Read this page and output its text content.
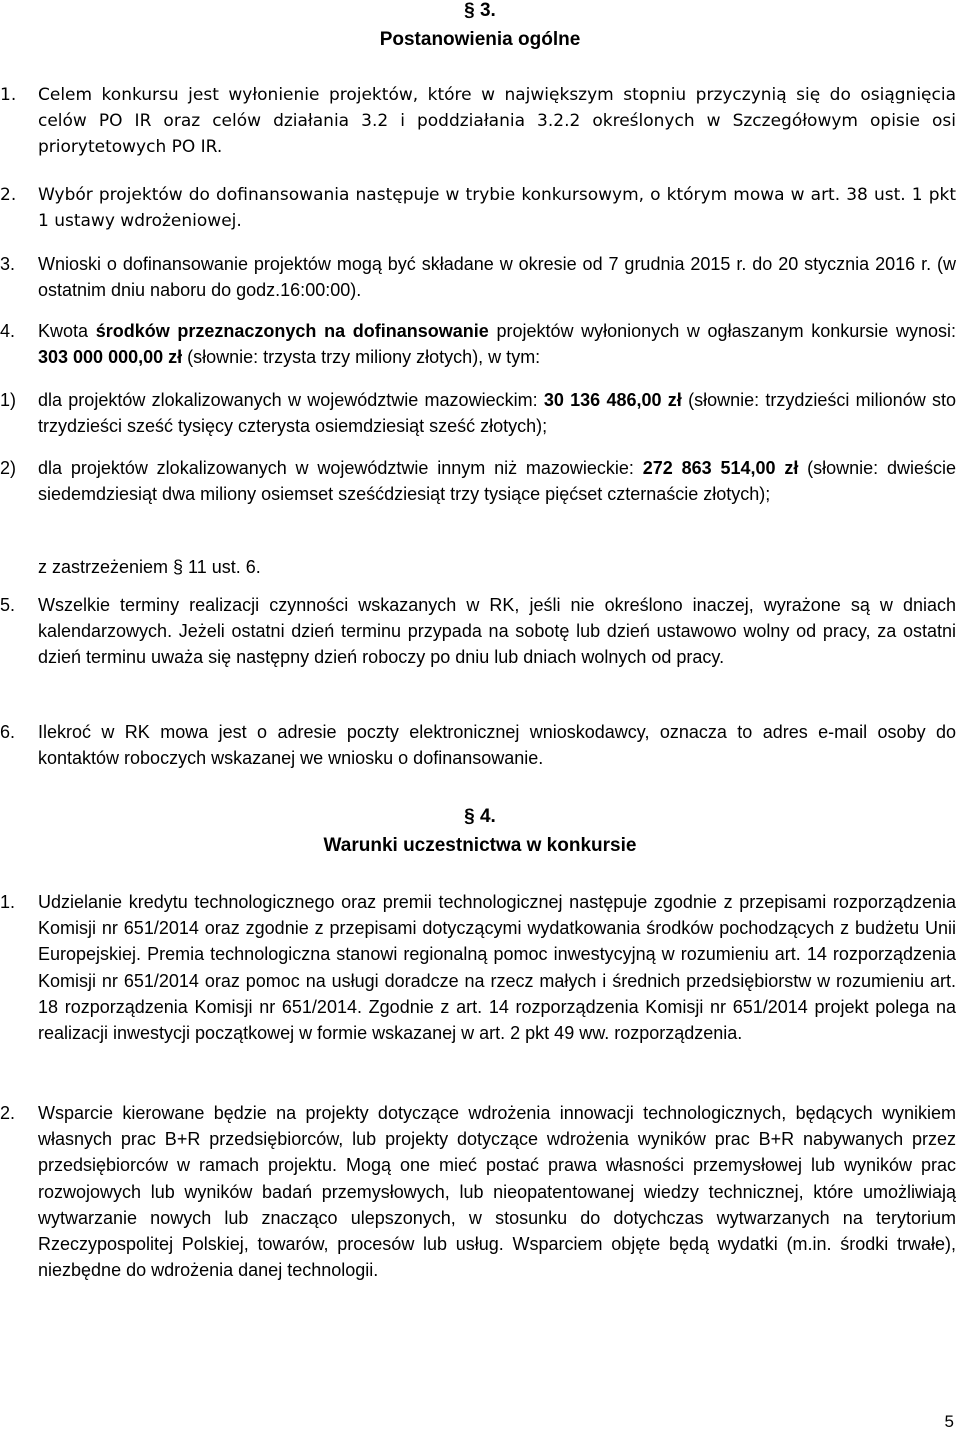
§ 3.
Postanowienia ogólne
1.	Celem konkursu jest wyłonienie projektów, które w największym stopniu przyczynią się do osiągnięcia celów PO IR oraz celów działania 3.2 i poddziałania 3.2.2 określonych w Szczegółowym opisie osi priorytetowych PO IR.

2.	Wybór projektów do dofinansowania następuje w trybie konkursowym, o którym mowa w art. 38 ust. 1 pkt 1 ustawy wdrożeniowej.

3.	Wnioski o dofinansowanie projektów mogą być składane w okresie od 7 grudnia 2015 r. do 20 stycznia 2016 r. (w ostatnim dniu naboru do godz.16:00:00).

4.	Kwota środków przeznaczonych na dofinansowanie projektów wyłonionych w ogłaszanym konkursie wynosi: 303 000 000,00 zł (słownie: trzysta trzy miliony złotych), w tym:

1)	dla projektów zlokalizowanych w województwie mazowieckim: 30 136 486,00 zł (słownie: trzydzieści milionów sto trzydzieści sześć tysięcy czterysta osiemdziesiąt sześć złotych);

2)	dla projektów zlokalizowanych w województwie innym niż mazowieckie: 272 863 514,00 zł (słownie: dwieście siedemdziesiąt dwa miliony osiemset sześćdziesiąt trzy tysiące pięćset czternaście złotych);

z zastrzeżeniem § 11 ust. 6.
5.	Wszelkie terminy realizacji czynności wskazanych w RK, jeśli nie określono inaczej, wyrażone są w dniach kalendarzowych. Jeżeli ostatni dzień terminu przypada na sobotę lub dzień ustawowo wolny od pracy, za ostatni dzień terminu uważa się następny dzień roboczy po dniu lub dniach wolnych od pracy.

6.	Ilekroć w RK mowa jest o adresie poczty elektronicznej wnioskodawcy, oznacza to adres e-mail osoby do kontaktów roboczych wskazanej we wniosku o dofinansowanie.

§ 4.
Warunki uczestnictwa w konkursie
1.	Udzielanie kredytu technologicznego oraz premii technologicznej następuje zgodnie z przepisami rozporządzenia Komisji nr 651/2014 oraz zgodnie z przepisami dotyczącymi wydatkowania środków pochodzących z budżetu Unii Europejskiej. Premia technologiczna stanowi regionalną pomoc inwestycyjną w rozumieniu art. 14 rozporządzenia Komisji nr 651/2014 oraz pomoc na usługi doradcze na rzecz małych i średnich przedsiębiorstw w rozumieniu art. 18 rozporządzenia Komisji nr 651/2014. Zgodnie z art. 14 rozporządzenia Komisji nr 651/2014 projekt polega na realizacji inwestycji początkowej w formie wskazanej w art. 2 pkt 49 ww. rozporządzenia.

2.	Wsparcie kierowane będzie na projekty dotyczące wdrożenia innowacji technologicznych, będących wynikiem własnych prac B+R przedsiębiorców, lub projekty dotyczące wdrożenia wyników prac B+R nabywanych przez przedsiębiorców w ramach projektu. Mogą one mieć postać prawa własności przemysłowej lub wyników prac rozwojowych lub wyników badań przemysłowych, lub nieopatentowanej wiedzy technicznej, które umożliwiają wytwarzanie nowych lub znacząco ulepszonych, w stosunku do dotychczas wytwarzanych na terytorium Rzeczypospolitej Polskiej, towarów, procesów lub usług. Wsparciem objęte będą wydatki (m.in. środki trwałe), niezbędne do wdrożenia danej technologii.

5
